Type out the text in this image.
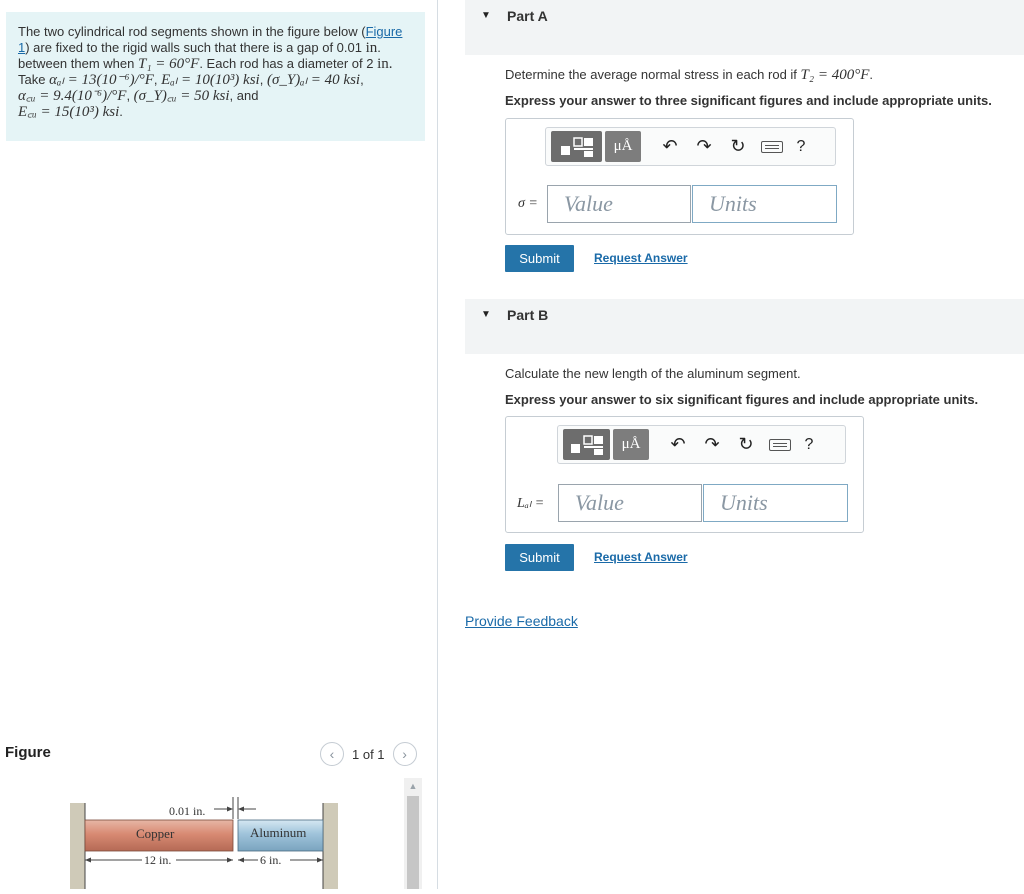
The two cylindrical rod segments shown in the figure below (Figure 1) are fixed to the rigid walls such that there is a gap of 0.01 in. between them when T₁ = 60°F. Each rod has a diameter of 2 in.
Take αₐₗ = 13(10⁻⁶)/°F, Eₐₗ = 10(10³) ksi, (σ_Y)ₐₗ = 40 ksi,
α꜀ᵤ = 9.4(10⁻⁶)/°F, (σ_Y)꜀ᵤ = 50 ksi, and
E꜀ᵤ = 15(10³) ksi.
Figure	‹ 1 of 1 ›
0.01 in.
Copper	Aluminum
12 in.	6 in.
▲
▼ Part A
Determine the average normal stress in each rod if T₂ = 400°F.
Express your answer to three significant figures and include appropriate units.
μÅ	↶	↷	↻	?
σ =	Value	Units
Submit	Request Answer
▼ Part B
Calculate the new length of the aluminum segment.
Express your answer to six significant figures and include appropriate units.
μÅ	↶	↷	↻	?
Lₐₗ =	Value	Units
Submit	Request Answer
Provide Feedback
